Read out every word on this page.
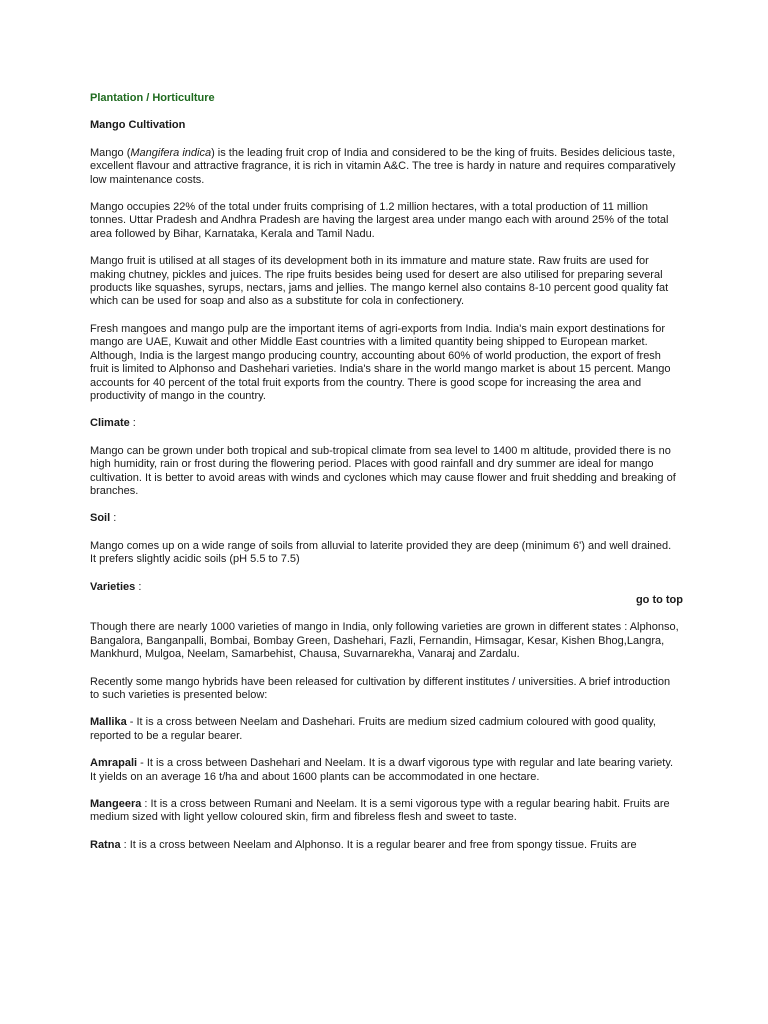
Plantation / Horticulture
Mango Cultivation

Mango (Mangifera indica) is the leading fruit crop of India and considered to be the king of fruits. Besides delicious taste, excellent flavour and attractive fragrance, it is rich in vitamin A&C. The tree is hardy in nature and requires comparatively low maintenance costs.

Mango occupies 22% of the total under fruits comprising of 1.2 million hectares, with a total production of 11 million tonnes. Uttar Pradesh and Andhra Pradesh are having the largest area under mango each with around 25% of the total area followed by Bihar, Karnataka, Kerala and Tamil Nadu.

Mango fruit is utilised at all stages of its development both in its immature and mature state. Raw fruits are used for making chutney, pickles and juices. The ripe fruits besides being used for desert are also utilised for preparing several products like squashes, syrups, nectars, jams and jellies. The mango kernel also contains 8-10 percent good quality fat which can be used for soap and also as a substitute for cola in confectionery.

Fresh mangoes and mango pulp are the important items of agri-exports from India. India's main export destinations for mango are UAE, Kuwait and other Middle East countries with a limited quantity being shipped to European market. Although, India is the largest mango producing country, accounting about 60% of world production, the export of fresh fruit is limited to Alphonso and Dashehari varieties. India's share in the world mango market is about 15 percent. Mango accounts for 40 percent of the total fruit exports from the country. There is good scope for increasing the area and productivity of mango in the country.

Climate :

Mango can be grown under both tropical and sub-tropical climate from sea level to 1400 m altitude, provided there is no high humidity, rain or frost during the flowering period. Places with good rainfall and dry summer are ideal for mango cultivation. It is better to avoid areas with winds and cyclones which may cause flower and fruit shedding and breaking of branches.

Soil :

Mango comes up on a wide range of soils from alluvial to laterite provided they are deep (minimum 6') and well drained. It prefers slightly acidic soils (pH 5.5 to 7.5)

Varieties :
go to top

Though there are nearly 1000 varieties of mango in India, only following varieties are grown in different states : Alphonso, Bangalora, Banganpalli, Bombai, Bombay Green, Dashehari, Fazli, Fernandin, Himsagar, Kesar, Kishen Bhog,Langra, Mankhurd, Mulgoa, Neelam, Samarbehist, Chausa, Suvarnarekha, Vanaraj and Zardalu.

Recently some mango hybrids have been released for cultivation by different institutes / universities. A brief introduction to such varieties is presented below:

Mallika - It is a cross between Neelam and Dashehari. Fruits are medium sized cadmium coloured with good quality, reported to be a regular bearer.

Amrapali - It is a cross between Dashehari and Neelam. It is a dwarf vigorous type with regular and late bearing variety. It yields on an average 16 t/ha and about 1600 plants can be accommodated in one hectare.

Mangeera : It is a cross between Rumani and Neelam. It is a semi vigorous type with a regular bearing habit. Fruits are medium sized with light yellow coloured skin, firm and fibreless flesh and sweet to taste.

Ratna : It is a cross between Neelam and Alphonso. It is a regular bearer and free from spongy tissue. Fruits are
